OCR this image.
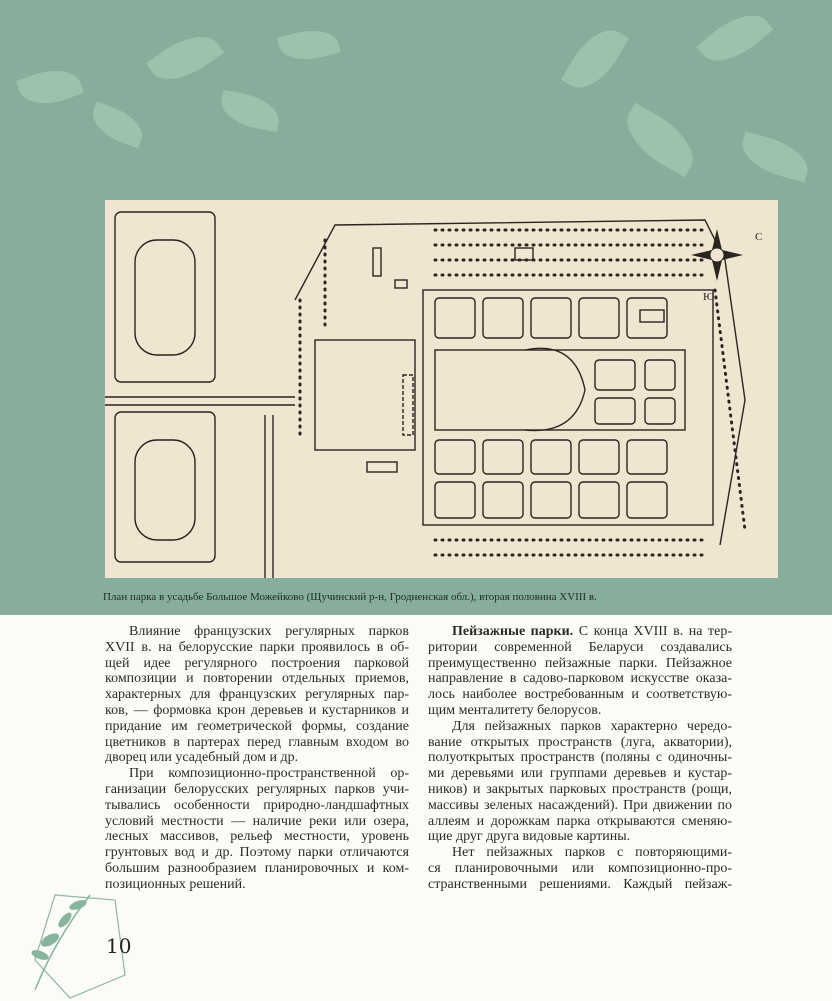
С
Ю
План парка в усадьбе Большое Можейково (Щучинский р-н, Гродненская обл.), вторая половина XVIII в.
Влияние французских регулярных парков
XVII в. на белорусские парки проявилось в об-
щей идее регулярного построения парковой
композиции и повторении отдельных приемов,
характерных для французских регулярных пар-
ков, — формовка крон деревьев и кустарников и
придание им геометрической формы, создание
цветников в партерах перед главным входом во
дворец или усадебный дом и др.
При композиционно-пространственной ор-
ганизации белорусских регулярных парков учи-
тывались особенности природно-ландшафтных
условий местности — наличие реки или озера,
лесных массивов, рельеф местности, уровень
грунтовых вод и др. Поэтому парки отличаются
большим разнообразием планировочных и ком-
позиционных решений.
Пейзажные парки. С конца XVIII в. на тер-
ритории современной Беларуси создавались
преимущественно пейзажные парки. Пейзажное
направление в садово-парковом искусстве оказа-
лось наиболее востребованным и соответствую-
щим менталитету белорусов.
Для пейзажных парков характерно чередо-
вание открытых пространств (луга, акватории),
полуоткрытых пространств (поляны с одиночны-
ми деревьями или группами деревьев и кустар-
ников) и закрытых парковых пространств (рощи,
массивы зеленых насаждений). При движении по
аллеям и дорожкам парка открываются сменяю-
щие друг друга видовые картины.
Нет пейзажных парков с повторяющими-
ся планировочными или композиционно-про-
странственными решениями. Каждый пейзаж-
10
